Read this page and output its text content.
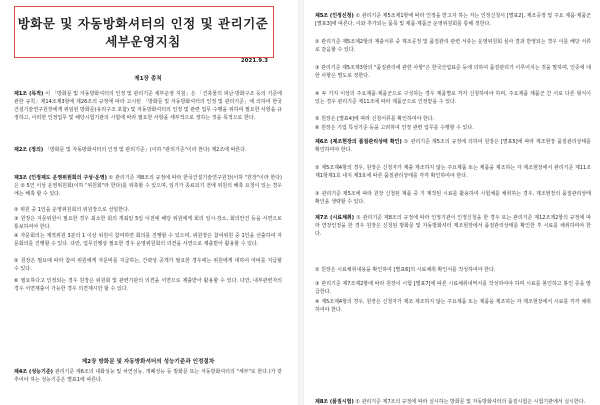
방화문 및 자동방화셔터의 인정 및 관리기준
세부운영지침
2021.9.3
제1장 총칙
제2장 방화문 및 자동방화셔터의 성능기준과 인정절차
제1조 (목적) 이 「방화문 및 자동방화셔터의 인정 및 관리기준 세부운영 지침」은 「건축물의 피난·방화구조 등의 기준에 관한 규칙」제14조제3항에 제26조의 규정에 따라 고시된 「방화문 및 자동방화셔터의 인정 및 관리기준」에 의하여 한국건설기술연구원장에게 위임된 방화문(유리구조 포함) 및 자동방화셔터의 인정 및 관련 업무 수행을 위하여 필요한 사항을 규정하고, 이러한 인정업무 및 해당시험기관의 시험에 따라 필요한 사항을 세부적으로 정하는 것을 목적으로 한다.
제2조 (정의) 「방화문 및 자동방화셔터의 인정 및 관리기준」(이하 "관리기준"이라 한다) 제2조에 따른다.
제3조 (인정제도 운영위원회의 구성·운영) ① 관리기준 제8조의 규정에 따라 한국건설기술연구원장(이하 "원장"이라 한다)은 ② 5인 이상 운영위원회(이하 "위원회"라 한다)를 위촉할 수 있으며, 임기가 종료되기 전에 위원의 해촉 요청이 있는 경우에는 해촉 할 수 있다.
② 위원 중 1인을 운영위원회의 위원장으로 선임한다.
③ 원장은 자문위원이 필요한 경우 최소한 회의 개최일 5일 이전에 해당 위원에게 회의 일시·장소, 회의안건 등을 서면으로 통보하여야 한다.
④ 자문회의는 재적위원 3분의 1 이상 위원이 참여하면 회의를 진행할 수 있으며, 위원장은 참여위원 중 1인을 선출하여 자문회의를 진행할 수 있다. 다만, 업무진행상 필요한 경우 운영위원회의 의견을 서면으로 제출받아 활용할 수 있다.
⑤ 원장은 필요에 따라 참여 위원에게 자문비를 지급하는, 간략상 공개가 필요한 경우에는 위원에게 대하여 여비를 지급할 수 있다.
⑥ 필요하다고 인정되는 경우 원장은 위원회 및 관련기관의 의견을 서면으로 제출받아 활용할 수 있다. 다만, 내부관련자의 경우 서면제출이 가능한 경우 의견제시만 할 수 있다.
제4조 (성능기준) 관리기준 제6조의 내화성능 및 차연성능, 개폐성능 등 방화문 또는 자동방화셔터의 "세부"로 한다.)가 갖추어야 하는 성능기준은 별표1에 따른다.
제5조 (인정신청) ① 관리기준 제5조제1항에 따라 인정을 받고자 하는 자는 인정신청서 [별표2], 제조공장 및 주요 제품·제품군 [별표3]에 따른다. 이와 추가되는 품목 및 제품·제품군 운영위원회를 통해 정한다.
② 관리기준 제5조제2항의 제출서류 중 제조공정 및 품질관리 관련 서류는 운영위원회 심사 결과 반영되는 경우 이를 해당 서류로 갈음할 수 있다.
③ 관리기준 제5조제3항의 "품질관리에 관한 사항"은 한국산업표준 등에 의하여 품질관리가 이루어지는 것을 말하며, 인증에 대한 사항은 별도로 정한다.
④ 두 가지 이상의 주요제품·제품군으로 구성하는 경우 제품별로 각각 신청하여야 하며, 주요제품 제품군 간 서로 다른 형식이 있는 경우 관리기준 제11조에 따라 제품군으로 인정받을 수 있다.
⑤ 원장은 [별표4]에 따라 신청서류를 확인하여야 한다.
⑥ 원장은 기업 특성기준 등을 고려하여 인정 관련 업무를 수행할 수 있다.
제6조 (제조현장의 품질관리상태 확인) ① 관리기준 제5조의 규정에 의하여 원장은 [별표5]에 따라 제조현장 품질관리상태를 확인하여야 한다.
② 제5조제4항의 경우, 원장은 신청자가 제출 제조하지 않는 주요제품 또는 제품을 제조하는 자 제조현장에서 관리기준 제11조제1항제1호 내지 제3호에 따른 품질관리상태를 각각 확인하여야 한다.
③ 관리기준 제5조에 따라 원장 신청된 제품 중 기 제작된 시료를 활용하여 시험체를 채취하는 경우, 제조현장의 품질관리상태 확인을 생략할 수 있다.
제7조 (시료채취) ① 관리기준 제8조의 규정에 따라 인정기관이 인정신청을 한 경우 또는 관리기준 제12조제2항의 규정에 따라 연장인정을 한 경우 원장은 신청된 방화문 및 자동방화셔터 제조현장에서 품질관리상태를 확인한 후 시료를 채취하여야 한다.
② 원장은 시료채취내용을 확인하여 [별표6]의 시료채취 확인서를 작성하여야 한다.
③ 관리기준 제7조제2항에 따라 원장이 시험 [별표7]에 따른 시료채취내역서를 작성하여야 하며 시료를 봉인하고 봉인 증을 발급한다.
④ 제5조제4항의 경우, 원장은 신청자가 제조 제조하지 않는 주요제품 또는 제품을 제조하는 자 제조현장에서 시료를 각각 채취하여야 한다.
제8조 (품질시험) ① 관리기준 제7조의 규정에 따라 실시하는 방화문 및 자동방화셔터의 품질시험은 시험기관에서 실시한다.
